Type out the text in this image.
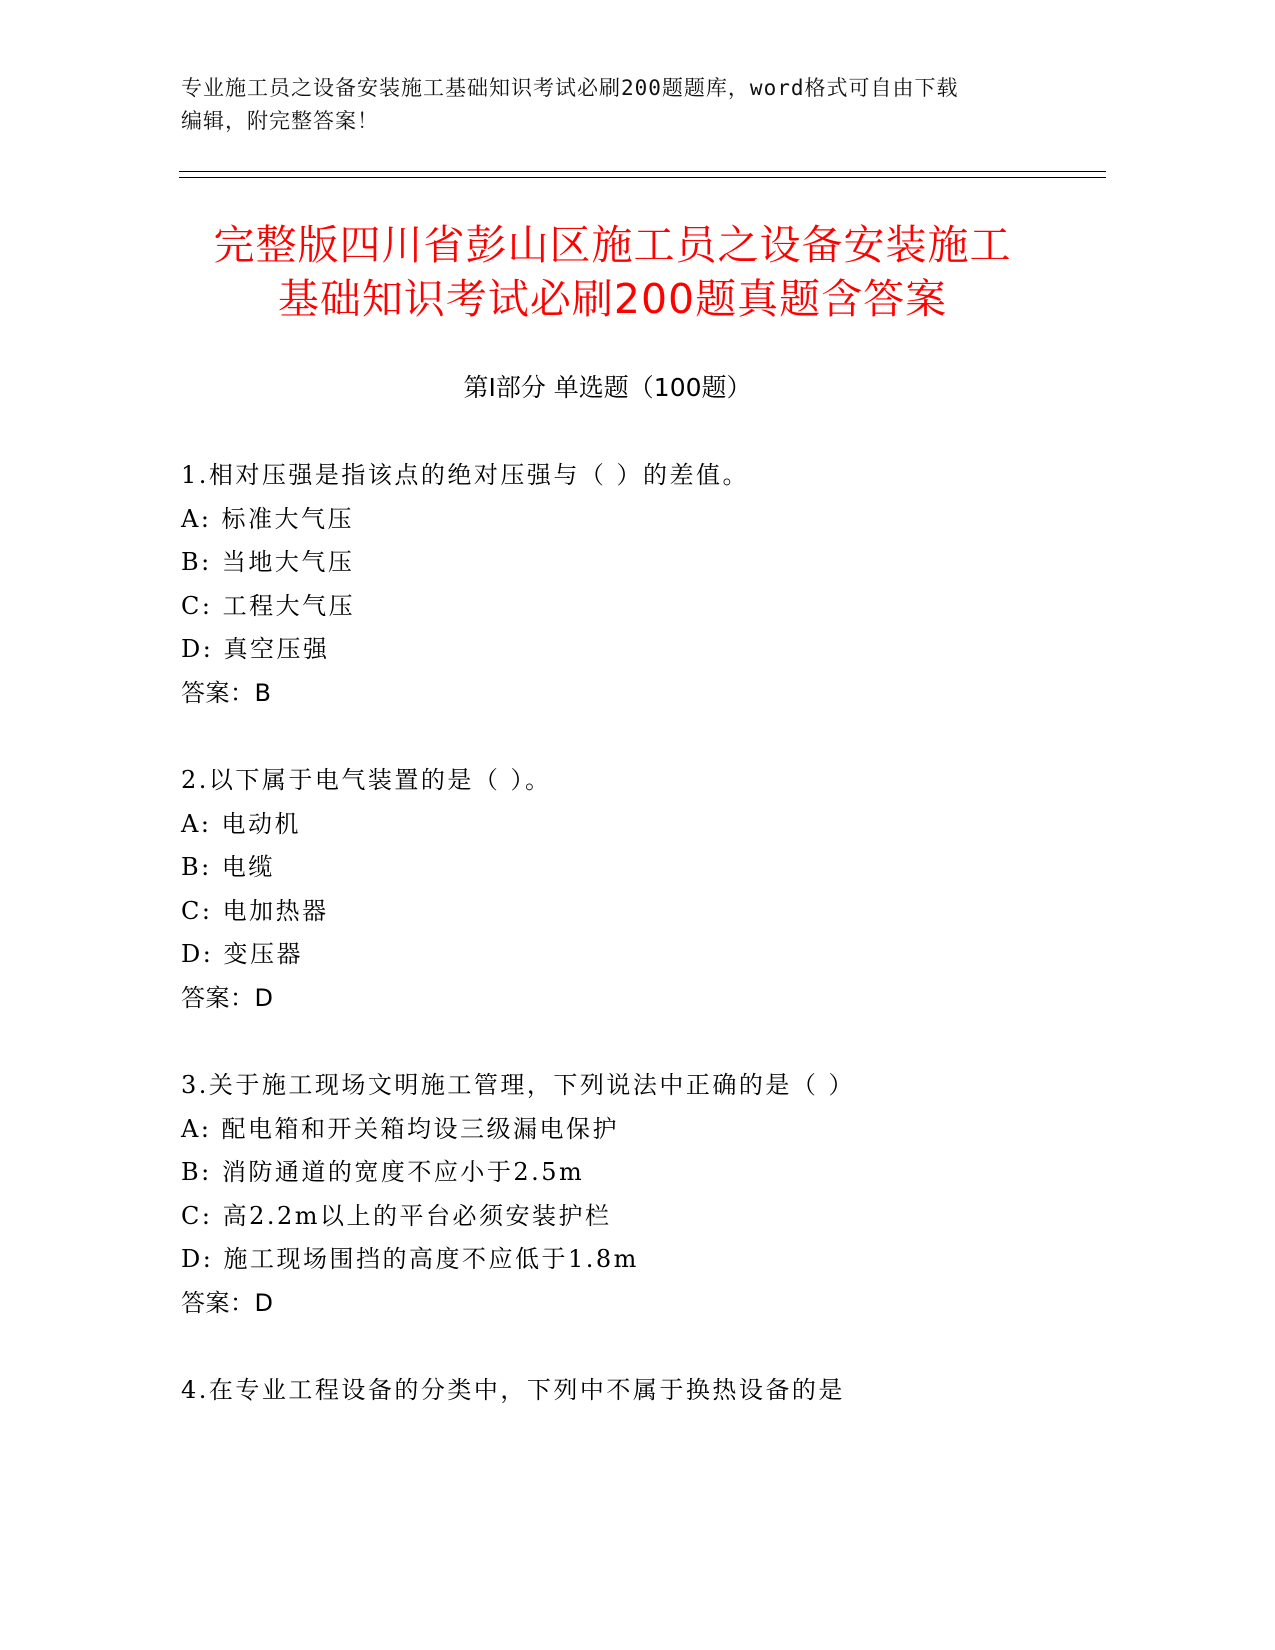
专业施工员之设备安装施工基础知识考试必刷200题题库，word格式可自由下载
编辑，附完整答案！
完整版四川省彭山区施工员之设备安装施工
基础知识考试必刷200题真题含答案
第Ⅰ部分 单选题（100题）
1.相对压强是指该点的绝对压强与（ ）的差值。
A: 标准大气压
B: 当地大气压
C: 工程大气压
D: 真空压强
答案：B
2.以下属于电气装置的是（ ）。
A: 电动机
B: 电缆
C: 电加热器
D: 变压器
答案：D
3.关于施工现场文明施工管理，下列说法中正确的是（ ）
A: 配电箱和开关箱均设三级漏电保护
B: 消防通道的宽度不应小于2.5m
C: 高2.2m以上的平台必须安装护栏
D: 施工现场围挡的高度不应低于1.8m
答案：D
4.在专业工程设备的分类中，下列中不属于换热设备的是
